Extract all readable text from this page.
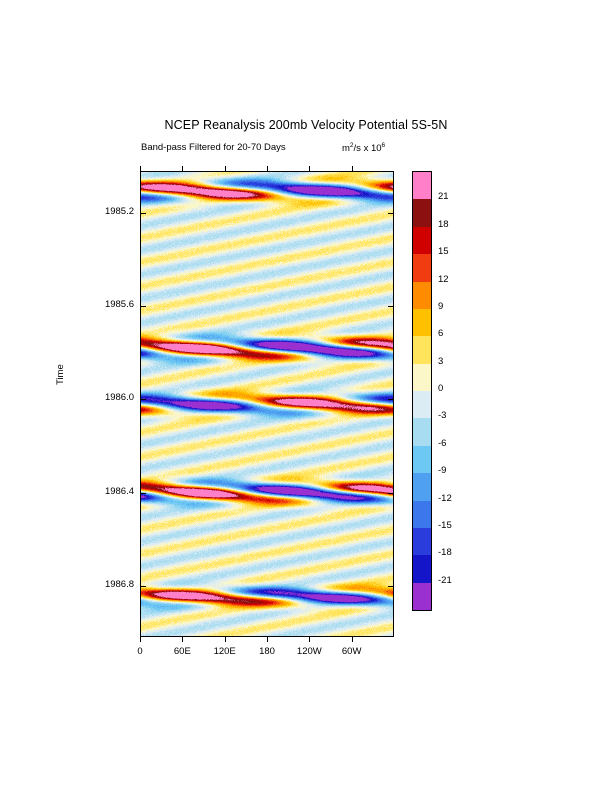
NCEP Reanalysis 200mb Velocity Potential 5S-5N
Band-pass Filtered for 20-70 Days	$m^2/s$ x $10^6$
Time
1985.2
1985.6
1986.0
1986.4
1986.8
0	60E	120E	180	120W	60W
21
18
15
12
9
6
3
0
-3
-6
-9
-12
-15
-18
-21
